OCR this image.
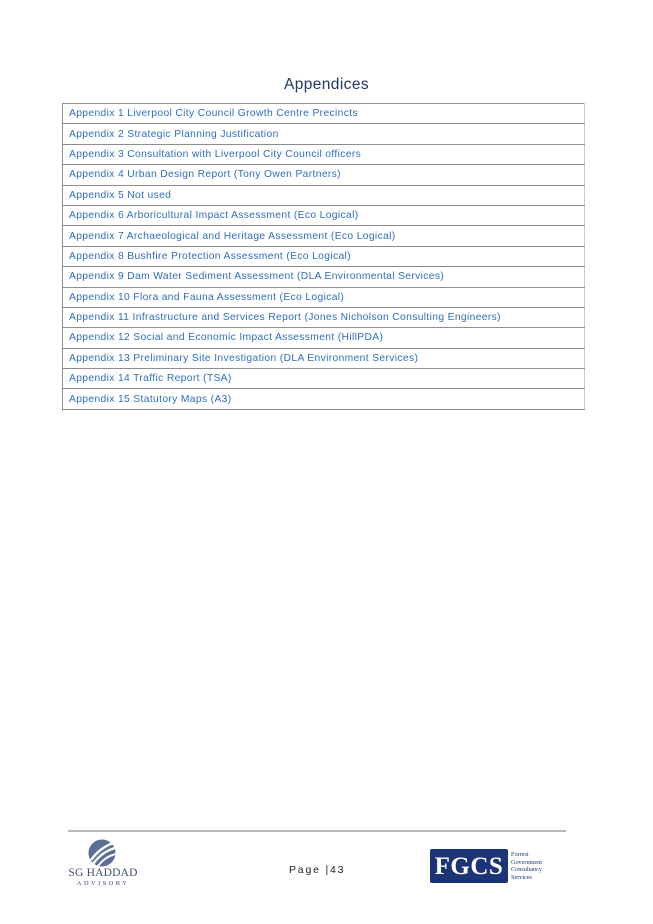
Appendices
Appendix 1 Liverpool City Council Growth Centre Precincts
Appendix 2 Strategic Planning Justification
Appendix 3 Consultation with Liverpool City Council officers
Appendix 4 Urban Design Report (Tony Owen Partners)
Appendix 5 Not used
Appendix 6 Arboricultural Impact Assessment (Eco Logical)
Appendix 7 Archaeological and Heritage Assessment (Eco Logical)
Appendix 8 Bushfire Protection Assessment (Eco Logical)
Appendix 9 Dam Water Sediment Assessment (DLA Environmental Services)
Appendix 10 Flora and Fauna Assessment (Eco Logical)
Appendix 11 Infrastructure and Services Report (Jones Nicholson Consulting Engineers)
Appendix 12 Social and Economic Impact Assessment (HillPDA)
Appendix 13 Preliminary Site Investigation (DLA Environment Services)
Appendix 14 Traffic Report (TSA)
Appendix 15 Statutory Maps (A3)
SG HADDAD
ADVISORY
Page |43	FGCS Forrest
Government
Consultancy
Services
